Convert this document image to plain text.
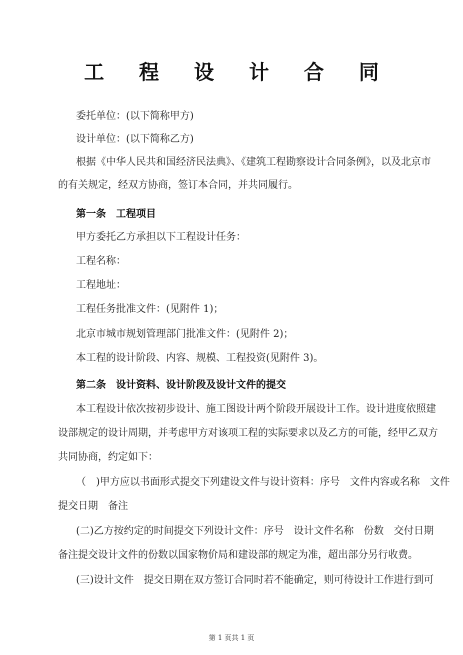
工 程 设 计 合 同
委托单位：(以下简称甲方)
设计单位：(以下简称乙方)
根据《中华人民共和国经济民法典》、《建筑工程勘察设计合同条例》，以及北京市
的有关规定，经双方协商，签订本合同，并共同履行。
第一条　工程项目
甲方委托乙方承担以下工程设计任务：
工程名称：
工程地址：
工程任务批准文件：(见附件 1)；
北京市城市规划管理部门批准文件：(见附件 2)；
本工程的设计阶段、内容、规模、工程投资(见附件 3)。
第二条　设计资料、设计阶段及设计文件的提交
本工程设计依次按初步设计、施工图设计两个阶段开展设计工作。设计进度依照建
设部规定的设计周期，并考虑甲方对该项工程的实际要求以及乙方的可能，经甲乙双方
共同协商，约定如下：
（　)甲方应以书面形式提交下列建设文件与设计资料：序号　文件内容或名称　文件
提交日期　备注
(二)乙方按约定的时间提交下列设计文件：序号　设计文件名称　份数　交付日期
备注提交设计文件的份数以国家物价局和建设部的规定为准，超出部分另行收费。
(三)设计文件　提交日期在双方签订合同时若不能确定，则可待设计工作进行到可
第 1 页共 1 页
